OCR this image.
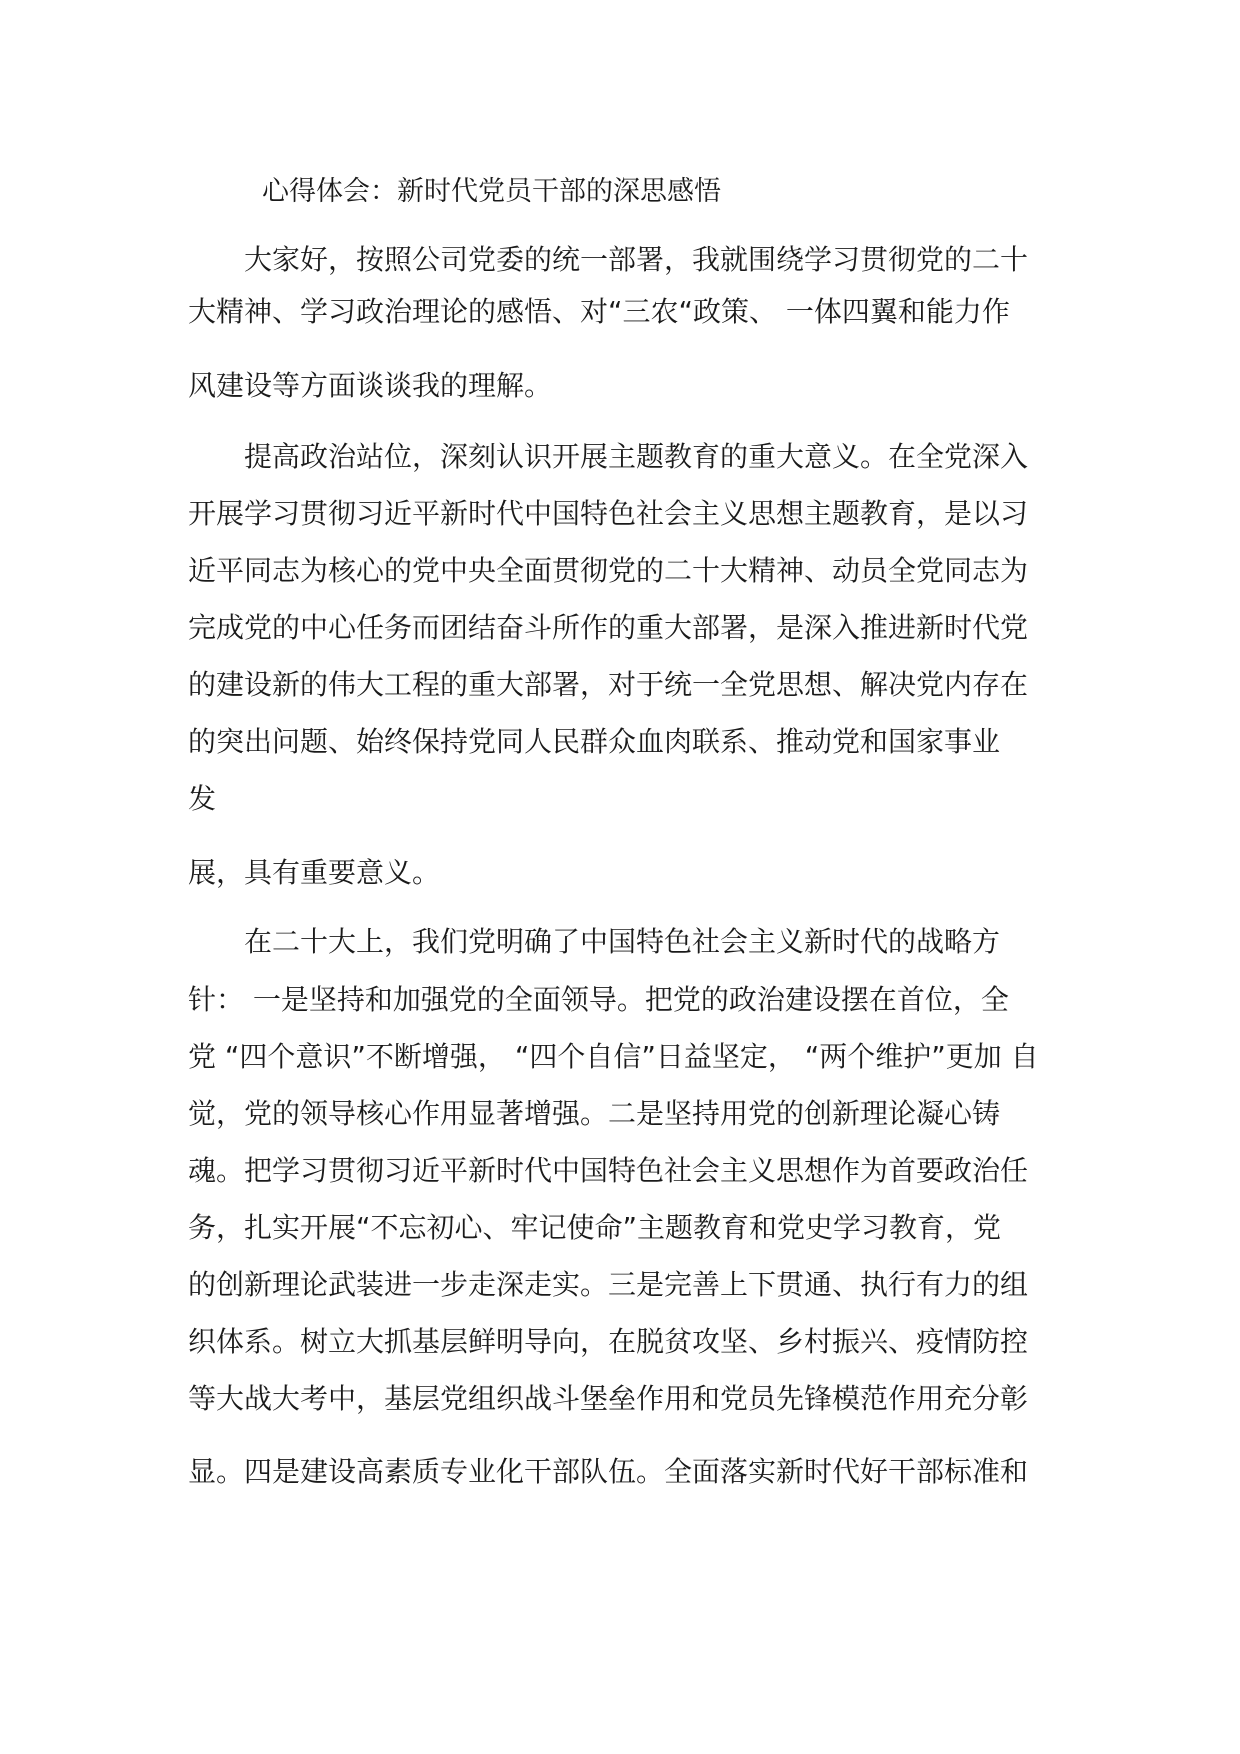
心得体会：新时代党员干部的深思感悟
大家好，按照公司党委的统一部署，我就围绕学习贯彻党的二十
大精神、学习政治理论的感悟、对“三农“政策、 一体四翼和能力作
风建设等方面谈谈我的理解。
提高政治站位，深刻认识开展主题教育的重大意义。在全党深入
开展学习贯彻习近平新时代中国特色社会主义思想主题教育，是以习
近平同志为核心的党中央全面贯彻党的二十大精神、动员全党同志为
完成党的中心任务而团结奋斗所作的重大部署，是深入推进新时代党
的建设新的伟大工程的重大部署，对于统一全党思想、解决党内存在
的突出问题、始终保持党同人民群众血肉联系、推动党和国家事业
发
展，具有重要意义。
在二十大上，我们党明确了中国特色社会主义新时代的战略方
针： 一是坚持和加强党的全面领导。把党的政治建设摆在首位，全
党 “四个意识”不断增强， “四个自信”日益坚定， “两个维护”更加 自
觉，党的领导核心作用显著增强。二是坚持用党的创新理论凝心铸
魂。把学习贯彻习近平新时代中国特色社会主义思想作为首要政治任
务，扎实开展“不忘初心、牢记使命”主题教育和党史学习教育，党
的创新理论武装进一步走深走实。三是完善上下贯通、执行有力的组
织体系。树立大抓基层鲜明导向，在脱贫攻坚、乡村振兴、疫情防控
等大战大考中，基层党组织战斗堡垒作用和党员先锋模范作用充分彰
显。四是建设高素质专业化干部队伍。全面落实新时代好干部标准和
